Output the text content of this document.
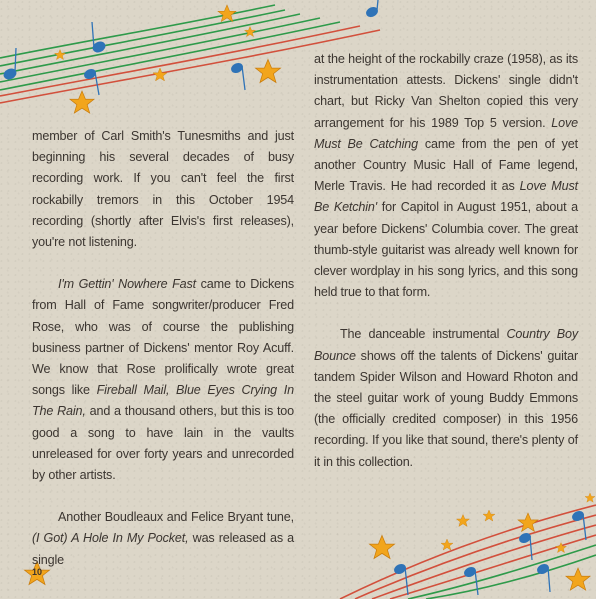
member of Carl Smith's Tunesmiths and just beginning his several decades of busy recording work. If you can't feel the first rockabilly tremors in this October 1954 recording (shortly after Elvis's first releases), you're not listening.

I'm Gettin' Nowhere Fast came to Dickens from Hall of Fame songwriter/producer Fred Rose, who was of course the publishing business partner of Dickens' mentor Roy Acuff. We know that Rose prolifically wrote great songs like Fireball Mail, Blue Eyes Crying In The Rain, and a thousand others, but this is too good a song to have lain in the vaults unreleased for over forty years and unrecorded by other artists.

Another Boudleaux and Felice Bryant tune, (I Got) A Hole In My Pocket, was released as a single

at the height of the rockabilly craze (1958), as its instrumentation attests. Dickens' single didn't chart, but Ricky Van Shelton copied this very arrangement for his 1989 Top 5 version. Love Must Be Catching came from the pen of yet another Country Music Hall of Fame legend, Merle Travis. He had recorded it as Love Must Be Ketchin' for Capitol in August 1951, about a year before Dickens' Columbia cover. The great thumb-style guitarist was already well known for clever wordplay in his song lyrics, and this song held true to that form.

The danceable instrumental Country Boy Bounce shows off the talents of Dickens' guitar tandem Spider Wilson and Howard Rhoton and the steel guitar work of young Buddy Emmons (the officially credited composer) in this 1956 recording. If you like that sound, there's plenty of it in this collection.

10
